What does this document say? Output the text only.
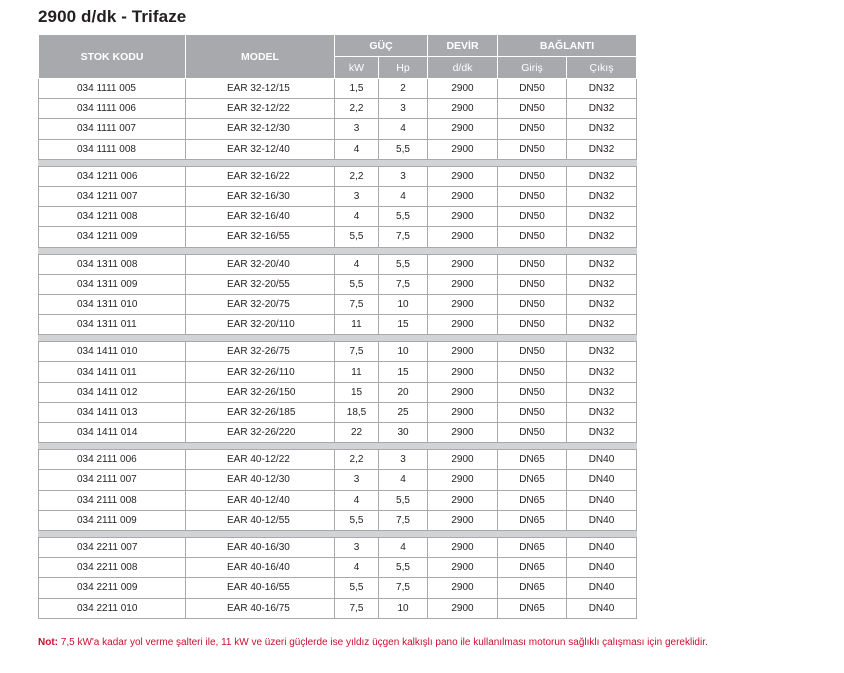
2900 d/dk - Trifaze
STOK KODU	MODEL	GÜÇ		DEVİR	BAĞLANTI	
		kW	Hp	d/dk	Giriş	Çıkış
034 1111 005	EAR 32-12/15	1,5	2	2900	DN50	DN32
034 1111 006	EAR 32-12/22	2,2	3	2900	DN50	DN32
034 1111 007	EAR 32-12/30	3	4	2900	DN50	DN32
034 1111 008	EAR 32-12/40	4	5,5	2900	DN50	DN32

034 1211 006	EAR 32-16/22	2,2	3	2900	DN50	DN32
034 1211 007	EAR 32-16/30	3	4	2900	DN50	DN32
034 1211 008	EAR 32-16/40	4	5,5	2900	DN50	DN32
034 1211 009	EAR 32-16/55	5,5	7,5	2900	DN50	DN32

034 1311 008	EAR 32-20/40	4	5,5	2900	DN50	DN32
034 1311 009	EAR 32-20/55	5,5	7,5	2900	DN50	DN32
034 1311 010	EAR 32-20/75	7,5	10	2900	DN50	DN32
034 1311 011	EAR 32-20/110	11	15	2900	DN50	DN32

034 1411 010	EAR 32-26/75	7,5	10	2900	DN50	DN32
034 1411 011	EAR 32-26/110	11	15	2900	DN50	DN32
034 1411 012	EAR 32-26/150	15	20	2900	DN50	DN32
034 1411 013	EAR 32-26/185	18,5	25	2900	DN50	DN32
034 1411 014	EAR 32-26/220	22	30	2900	DN50	DN32

034 2111 006	EAR 40-12/22	2,2	3	2900	DN65	DN40
034 2111 007	EAR 40-12/30	3	4	2900	DN65	DN40
034 2111 008	EAR 40-12/40	4	5,5	2900	DN65	DN40
034 2111 009	EAR 40-12/55	5,5	7,5	2900	DN65	DN40

034 2211 007	EAR 40-16/30	3	4	2900	DN65	DN40
034 2211 008	EAR 40-16/40	4	5,5	2900	DN65	DN40
034 2211 009	EAR 40-16/55	5,5	7,5	2900	DN65	DN40
034 2211 010	EAR 40-16/75	7,5	10	2900	DN65	DN40
Not: 7,5 kW'a kadar yol verme şalteri ile, 11 kW ve üzeri güçlerde ise yıldız üçgen kalkışlı pano ile kullanılması motorun sağlıklı çalışması için gereklidir.
